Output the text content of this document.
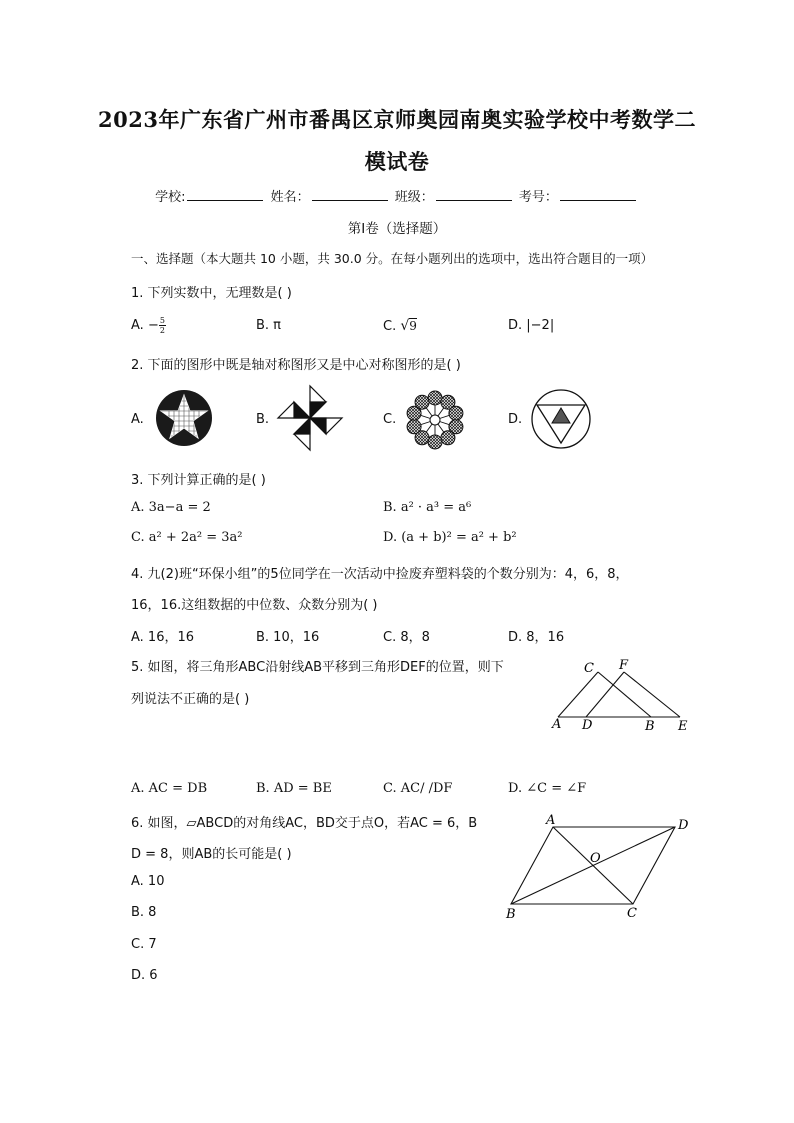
2023年广东省广州市番禺区京师奥园南奥实验学校中考数学二
模试卷
学校:	姓名：	班级：	考号：
第I卷（选择题）
一、选择题（本大题共 10 小题，共 30.0 分。在每小题列出的选项中，选出符合题目的一项）
1. 下列实数中，无理数是( )
A. − $\frac{5}{2}$	B. π	C. √9	D. |−2|
2. 下面的图形中既是轴对称图形又是中心对称图形的是( )
A.	B.	C.	D.
3. 下列计算正确的是( )
A. 3a−a = 2	B. a² · a³ = a⁶
C. a² + 2a² = 3a²	D. (a + b)² = a² + b²
4. 九(2)班“环保小组”的5位同学在一次活动中捡废弃塑料袋的个数分别为：4，6，8，
16，16.这组数据的中位数、众数分别为( )
A. 16，16	B. 10，16	C. 8，8	D. 8，16
5. 如图，将三角形ABC沿射线AB平移到三角形DEF的位置，则下
列说法不正确的是( )
A D	B E
C F
A. AC = DB	B. AD = BE	C. AC/ /DF	D. ∠C = ∠F
6. 如图，▱ABCD的对角线AC，BD交于点O，若AC = 6，B
D = 8，则AB的长可能是( )
A. 10
B. 8
C. 7
D. 6
A	D
B	C
O
